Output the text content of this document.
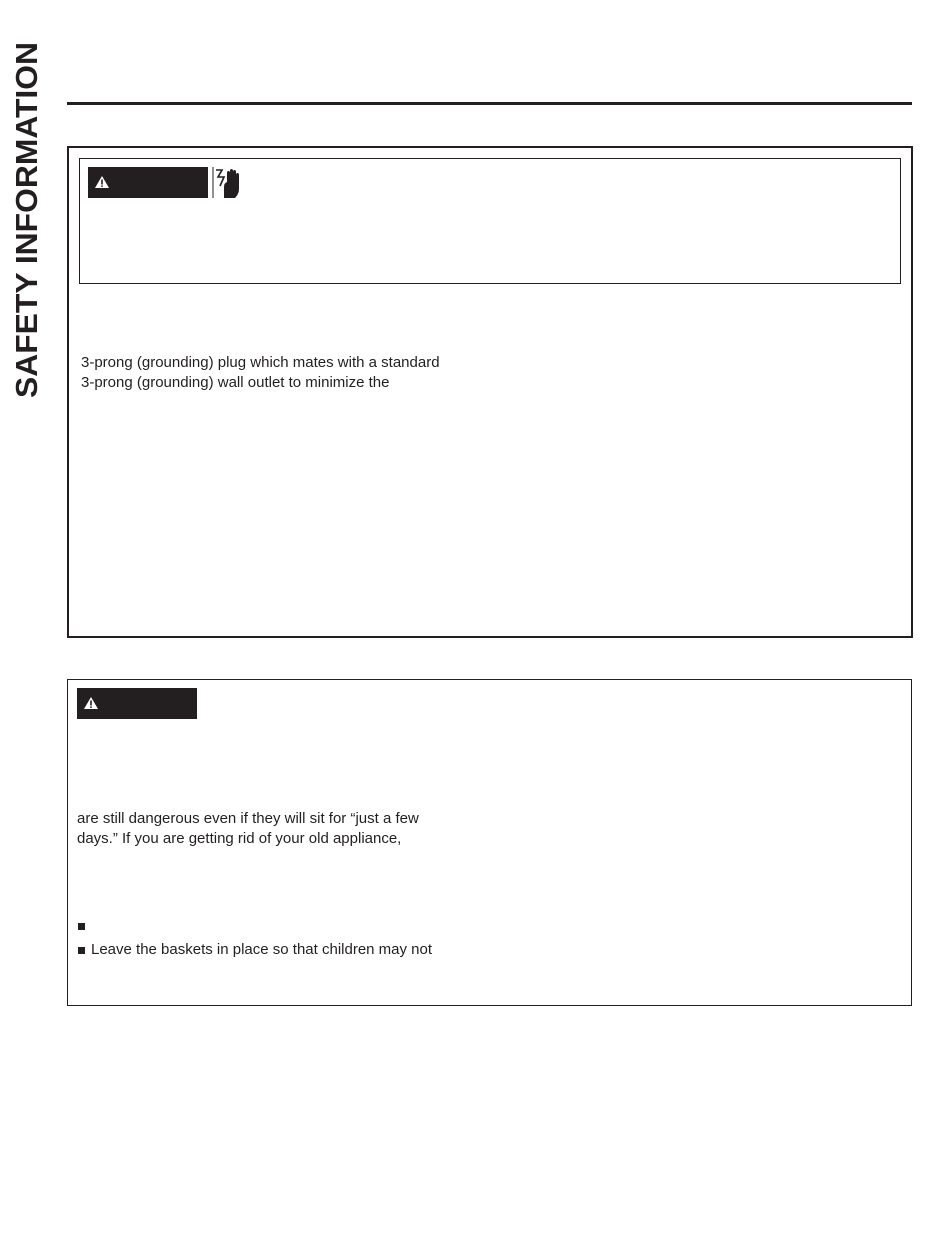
SAFETY INFORMATION 3-prong (grounding) plug which mates with a standard
3-prong (grounding) wall outlet to minimize the
are still dangerous even if they will sit for “just a few
days.” If you are getting rid of your old appliance,
Leave the baskets in place so that children may not
